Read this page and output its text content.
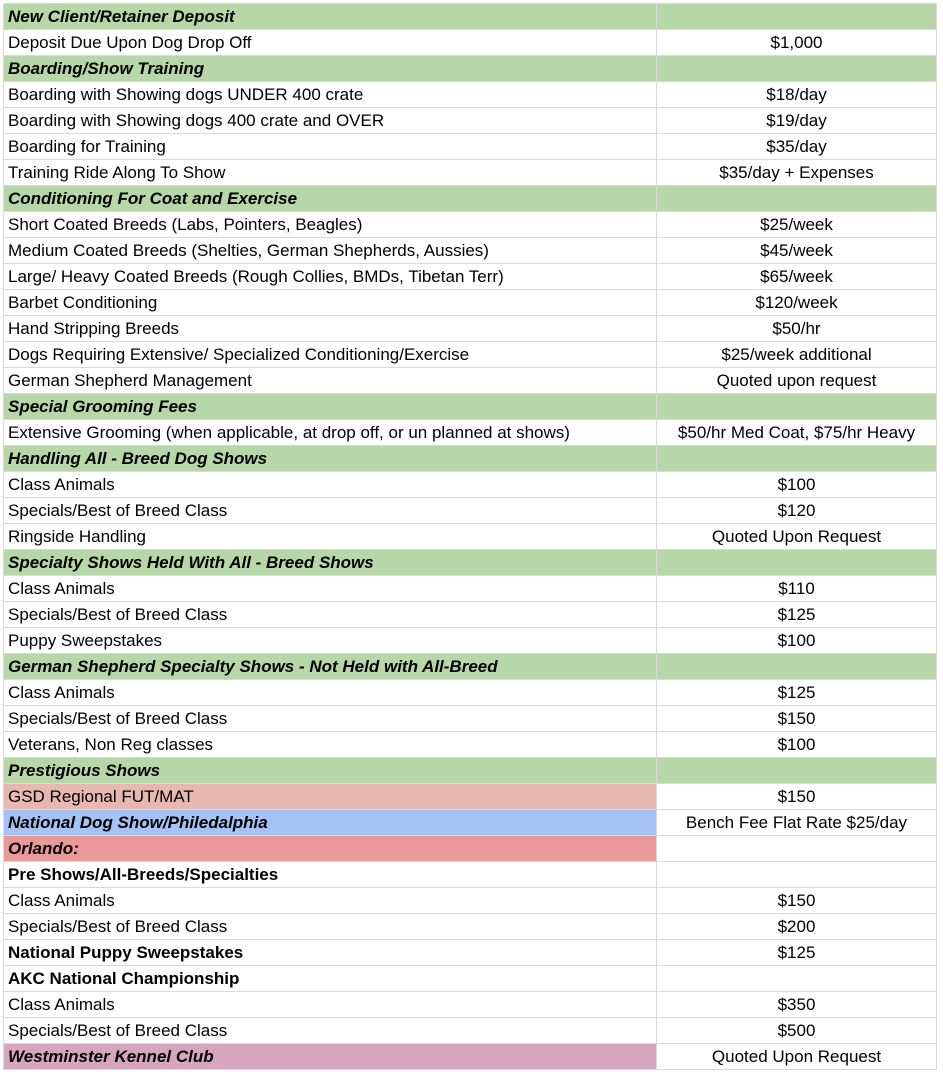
New Client/Retainer Deposit	
Deposit Due Upon Dog Drop Off	$1,000
Boarding/Show Training	
Boarding with Showing dogs UNDER 400 crate	$18/day
Boarding with Showing dogs 400 crate and OVER	$19/day
Boarding for Training	$35/day
Training Ride Along To Show	$35/day + Expenses
Conditioning For Coat and Exercise	
Short Coated Breeds (Labs, Pointers, Beagles)	$25/week
Medium Coated Breeds (Shelties, German Shepherds, Aussies)	$45/week
Large/ Heavy Coated Breeds (Rough Collies, BMDs, Tibetan Terr)	$65/week
Barbet Conditioning	$120/week
Hand Stripping Breeds	$50/hr
Dogs Requiring Extensive/ Specialized Conditioning/Exercise	$25/week additional
German Shepherd Management	Quoted upon request
Special Grooming Fees	
Extensive Grooming (when applicable, at drop off, or un planned at shows)	$50/hr Med Coat, $75/hr Heavy
Handling All - Breed Dog Shows	
Class Animals	$100
Specials/Best of Breed Class	$120
Ringside Handling	Quoted Upon Request
Specialty Shows Held With All - Breed Shows	
Class Animals	$110
Specials/Best of Breed Class	$125
Puppy Sweepstakes	$100
German Shepherd Specialty Shows - Not Held with All-Breed	
Class Animals	$125
Specials/Best of Breed Class	$150
Veterans, Non Reg classes	$100
Prestigious Shows	
GSD Regional FUT/MAT	$150
National Dog Show/Philedalphia	Bench Fee Flat Rate $25/day
Orlando:	
Pre Shows/All-Breeds/Specialties	
Class Animals	$150
Specials/Best of Breed Class	$200
National Puppy Sweepstakes	$125
AKC National Championship	
Class Animals	$350
Specials/Best of Breed Class	$500
Westminster Kennel Club	Quoted Upon Request
